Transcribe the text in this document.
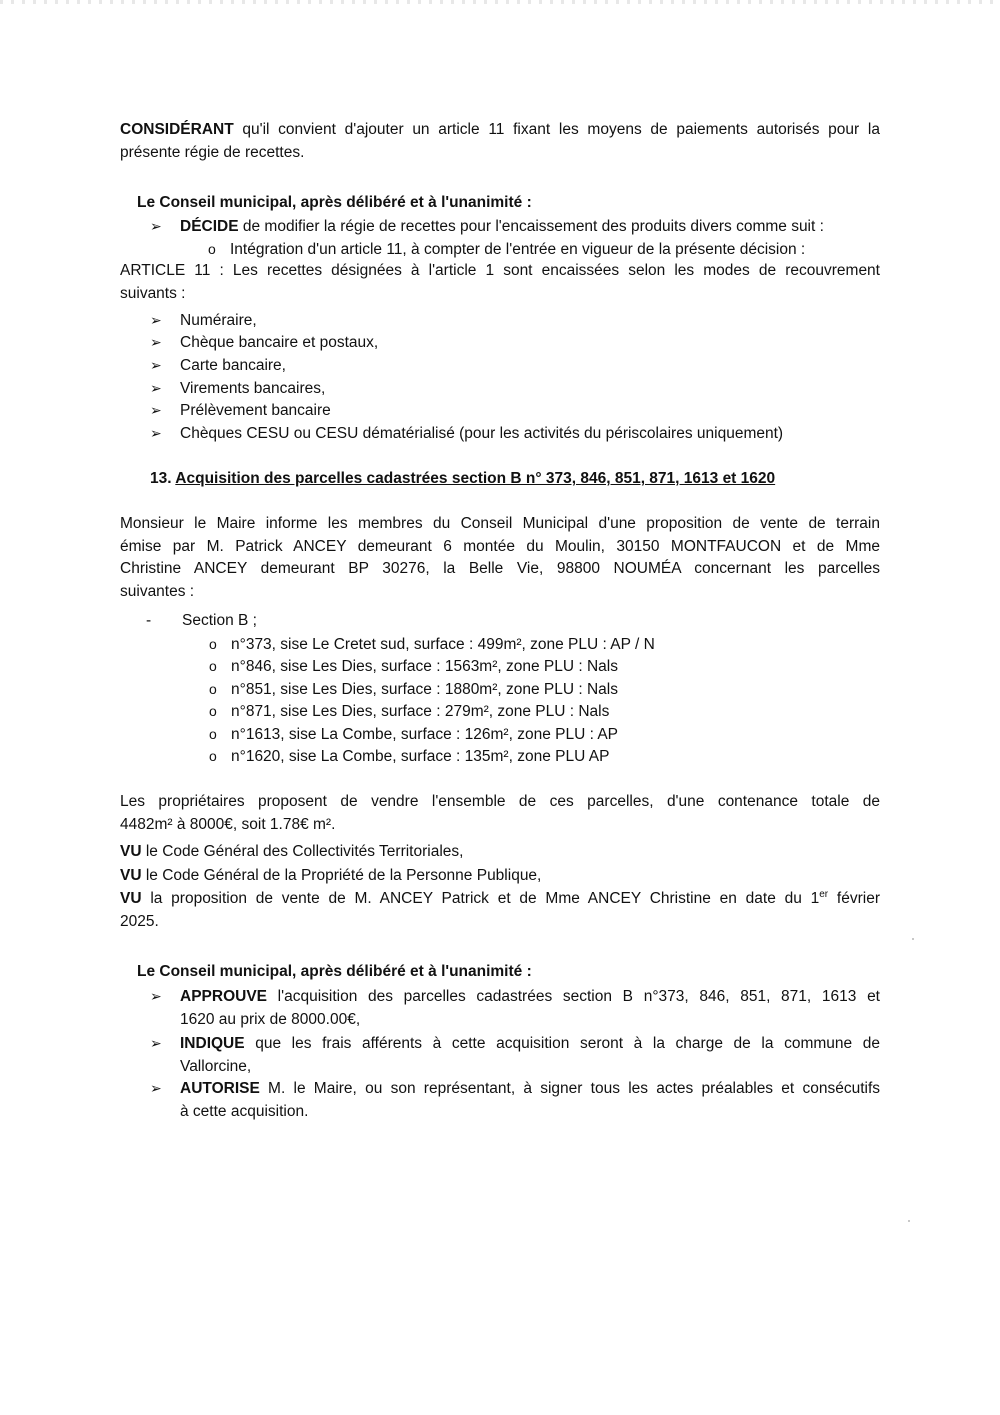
CONSIDÉRANT qu'il convient d'ajouter un article 11 fixant les moyens de paiements autorisés pour la

présente régie de recettes.

Le Conseil municipal, après délibéré et à l'unanimité :
➢ DÉCIDE de modifier la régie de recettes pour l'encaissement des produits divers comme suit :
o Intégration d'un article 11, à compter de l'entrée en vigueur de la présente décision :

ARTICLE 11 : Les recettes désignées à l'article 1 sont encaissées selon les modes de recouvrement

suivants :

➢ Numéraire,
➢ Chèque bancaire et postaux,
➢ Carte bancaire,
➢ Virements bancaires,
➢ Prélèvement bancaire
➢ Chèques CESU ou CESU dématérialisé (pour les activités du périscolaires uniquement)
13. Acquisition des parcelles cadastrées section B n° 373, 846, 851, 871, 1613 et 1620

Monsieur le Maire informe les membres du Conseil Municipal d'une proposition de vente de terrain

émise par M. Patrick ANCEY demeurant 6 montée du Moulin, 30150 MONTFAUCON et de Mme

Christine ANCEY demeurant BP 30276, la Belle Vie, 98800 NOUMÉA concernant les parcelles

suivantes :

- Section B ;
o n°373, sise Le Cretet sud, surface : 499m², zone PLU : AP / N
o n°846, sise Les Dies, surface : 1563m², zone PLU : Nals
o n°851, sise Les Dies, surface : 1880m², zone PLU : Nals
o n°871, sise Les Dies, surface : 279m², zone PLU : Nals
o n°1613, sise La Combe, surface : 126m², zone PLU : AP
o n°1620, sise La Combe, surface : 135m², zone PLU AP

Les propriétaires proposent de vendre l'ensemble de ces parcelles, d'une contenance totale de

4482m² à 8000€, soit 1.78€ m².

VU le Code Général des Collectivités Territoriales,

VU le Code Général de la Propriété de la Personne Publique,

VU la proposition de vente de M. ANCEY Patrick et de Mme ANCEY Christine en date du 1er février

2025.

Le Conseil municipal, après délibéré et à l'unanimité :
➢ APPROUVE l'acquisition des parcelles cadastrées section B n°373, 846, 851, 871, 1613 et

1620 au prix de 8000.00€,

➢ INDIQUE que les frais afférents à cette acquisition seront à la charge de la commune de

Vallorcine,

➢ AUTORISE M. le Maire, ou son représentant, à signer tous les actes préalables et consécutifs

à cette acquisition.
